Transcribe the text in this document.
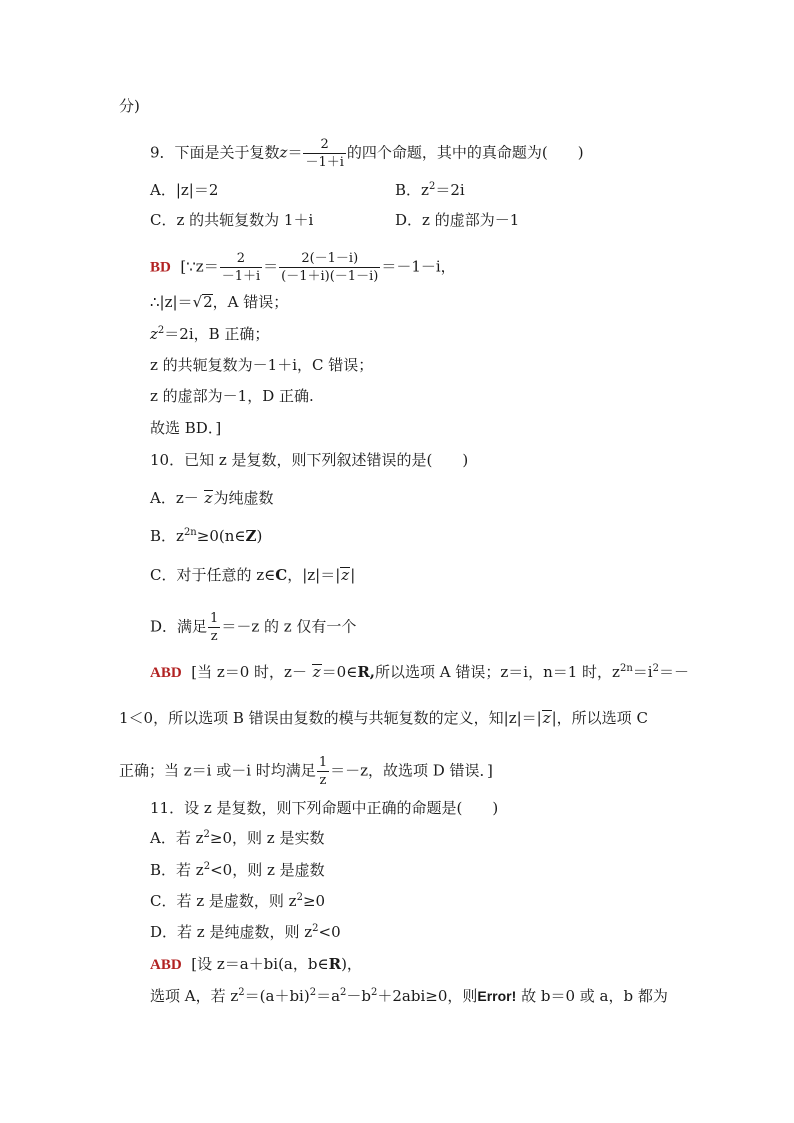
分)
9．下面是关于复数$z= \frac{2}{-1+i}$ 的四个命题，其中的真命题为(　　)
A．|z|＝2	B．$z^2=2i$
C．z 的共轭复数为 1＋i	D．z 的虚部为－1
BD [∵z＝ $\frac{2}{-1+i} = \frac{2(-1-i)}{(-1+i)(-1-i)} =-1-i$，
∴|z|＝√2，A 错误；
$z^2=2i$，B 正确；
z 的共轭复数为－1＋i，C 错误；
z 的虚部为－1，D 正确.
故选 BD．]
10．已知 z 是复数，则下列叙述错误的是(　　)
A．z－ z为纯虚数
B．$z^{2n}\ge 0(n\in Z)$
C．对于任意的 z∈C，|z|＝|z|
D．满足 $\frac{1}{z} =-z$ 的 z 仅有一个
ABD [当 z＝0 时，z－ z＝0∈R,所以选项 A 错误；z＝i，n＝1 时，$z^{2n}=i^2=-$
1＜0，所以选项 B 错误由复数的模与共轭复数的定义，知|z|＝|z|，所以选项 C
正确；当 z＝i 或－i 时均满足 $\frac{1}{z} =-z$，故选项 D 错误．]
11．设 z 是复数，则下列命题中正确的命题是(　　)
A．若 $z^2\ge 0$，则 z 是实数
B．若 $z^2<0$，则 z 是虚数
C．若 z 是虚数，则 $z^2\ge 0$
D．若 z 是纯虚数，则 $z^2<0$
ABD [设 z＝a＋bi(a，b∈R)，
选项 A，若 $z^2=(a+bi)^2=a^2-b^2+2abi\ge 0$，则Error! 故 b＝0 或 a，b 都为
